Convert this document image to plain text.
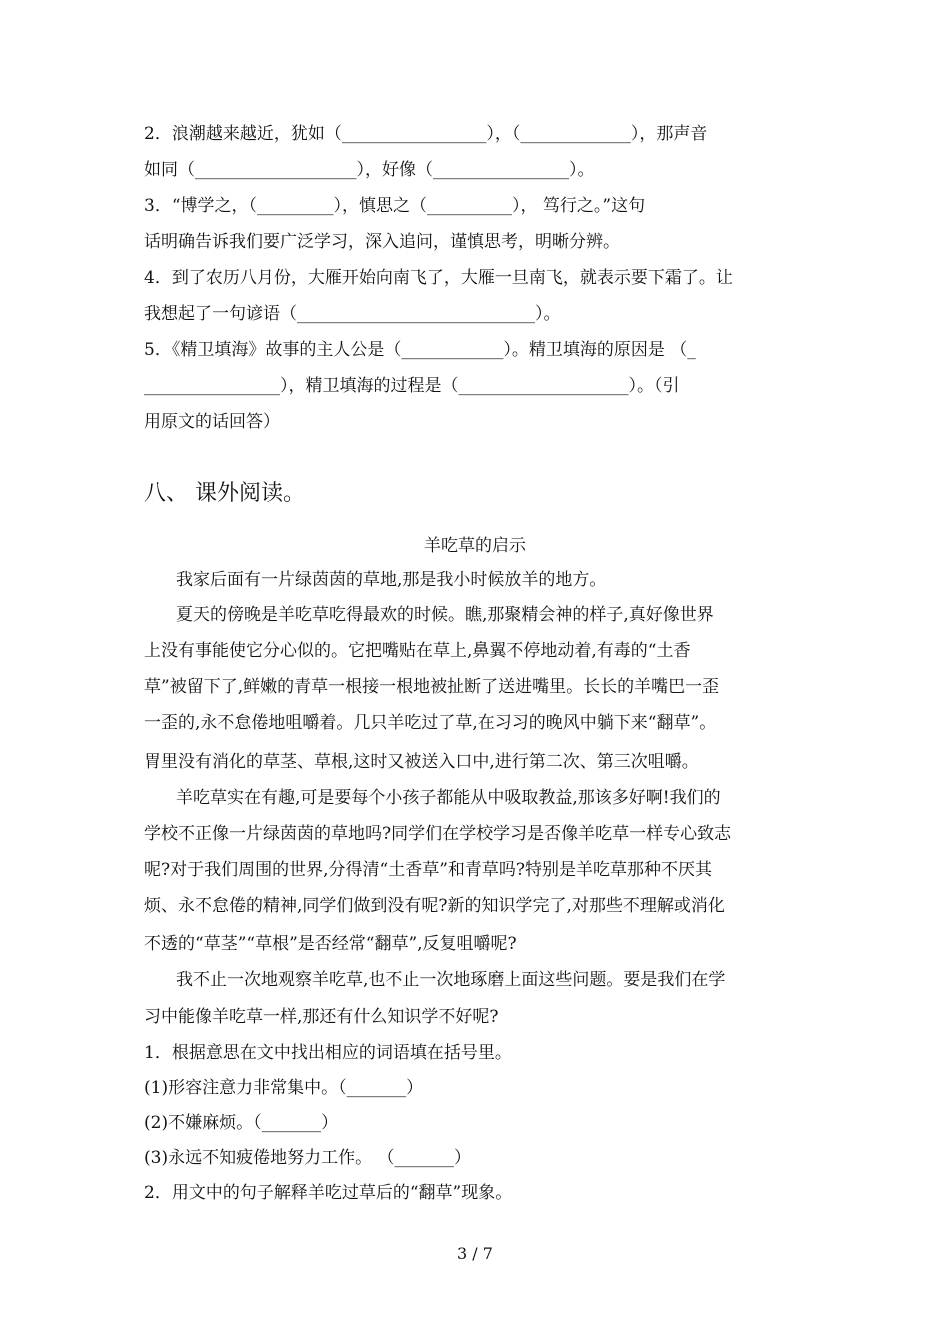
2．浪潮越来越近，犹如（_________________），（_____________），那声音
如同（___________________），好像（________________）。
3．“博学之，（_________），慎思之（__________）， 笃行之。”这句
话明确告诉我们要广泛学习，深入追问，谨慎思考，明晰分辨。
4．到了农历八月份，大雁开始向南飞了，大雁一旦南飞，就表示要下霜了。让
我想起了一句谚语（____________________________）。
5．《精卫填海》故事的主人公是（____________）。精卫填海的原因是 （_
________________），精卫填海的过程是（____________________）。（引
用原文的话回答）
八、 课外阅读。
羊吃草的启示
我家后面有一片绿茵茵的草地,那是我小时候放羊的地方。
夏天的傍晚是羊吃草吃得最欢的时候。瞧,那聚精会神的样子,真好像世界
上没有事能使它分心似的。它把嘴贴在草上,鼻翼不停地动着,有毒的“土香
草”被留下了,鲜嫩的青草一根接一根地被扯断了送进嘴里。长长的羊嘴巴一歪
一歪的,永不怠倦地咀嚼着。几只羊吃过了草,在习习的晚风中躺下来“翻草”。
胃里没有消化的草茎、草根,这时又被送入口中,进行第二次、第三次咀嚼。
羊吃草实在有趣,可是要每个小孩子都能从中吸取教益,那该多好啊!我们的
学校不正像一片绿茵茵的草地吗?同学们在学校学习是否像羊吃草一样专心致志
呢?对于我们周围的世界,分得清“土香草”和青草吗?特别是羊吃草那种不厌其
烦、永不怠倦的精神,同学们做到没有呢?新的知识学完了,对那些不理解或消化
不透的“草茎”“草根”是否经常“翻草”,反复咀嚼呢?
我不止一次地观察羊吃草,也不止一次地琢磨上面这些问题。要是我们在学
习中能像羊吃草一样,那还有什么知识学不好呢?
1．根据意思在文中找出相应的词语填在括号里。
(1)形容注意力非常集中。（_______）
(2)不嫌麻烦。（_______）
(3)永远不知疲倦地努力工作。 （_______）
2．用文中的句子解释羊吃过草后的“翻草”现象。
3 / 7
